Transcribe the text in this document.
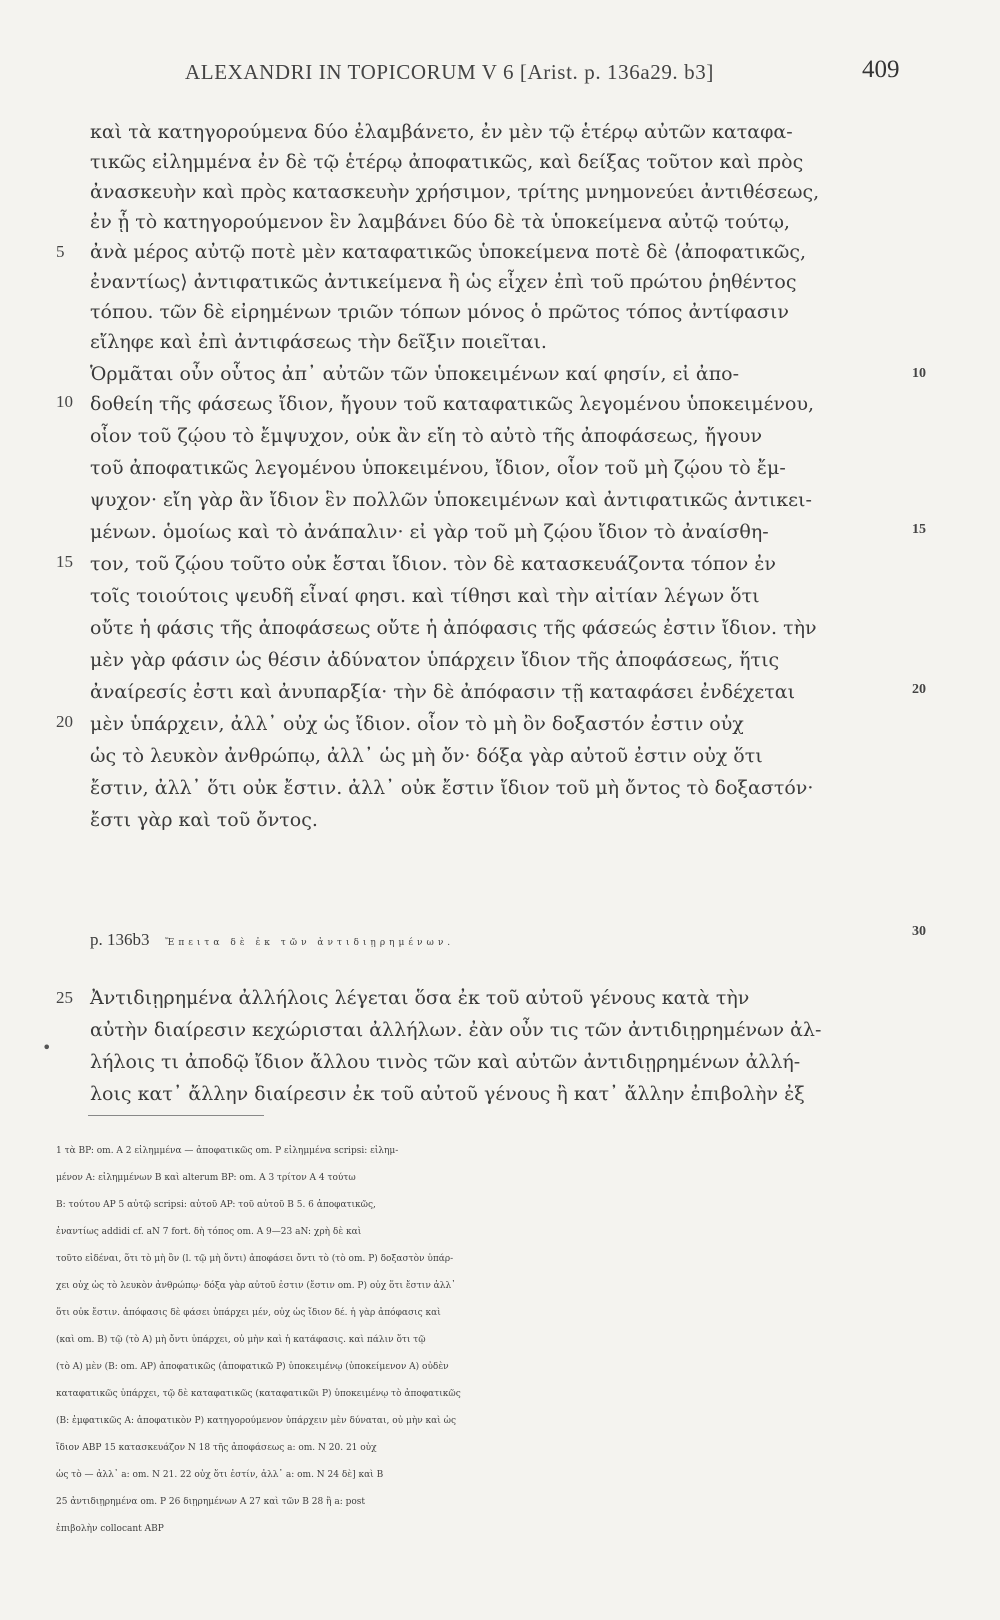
ALEXANDRI IN TOPICORUM V 6 [Arist. p. 136a29. b3]	409
καὶ τὰ κατηγορούμενα δύο ἐλαμβάνετο, ἐν μὲν τῷ ἑτέρῳ αὐτῶν καταφα-
τικῶς εἰλημμένα ἐν δὲ τῷ ἑτέρῳ ἀποφατικῶς, καὶ δείξας τοῦτον καὶ πρὸς
ἀνασκευὴν καὶ πρὸς κατασκευὴν χρήσιμον, τρίτης μνημονεύει ἀντιθέσεως,
ἐν ᾗ τὸ κατηγορούμενον ἓν λαμβάνει δύο δὲ τὰ ὑποκείμενα αὐτῷ τούτῳ,
5 ἀνὰ μέρος αὐτῷ ποτὲ μὲν καταφατικῶς ὑποκείμενα ποτὲ δὲ ⟨ἀποφατικῶς,
ἐναντίως⟩ ἀντιφατικῶς ἀντικείμενα ἢ ὡς εἶχεν ἐπὶ τοῦ πρώτου ῥηθέντος
τόπου. τῶν δὲ εἰρημένων τριῶν τόπων μόνος ὁ πρῶτος τόπος ἀντίφασιν
εἴληφε καὶ ἐπὶ ἀντιφάσεως τὴν δεῖξιν ποιεῖται.
Ὁρμᾶται οὖν οὗτος ἀπ᾽ αὐτῶν τῶν ὑποκειμένων καί φησίν, εἰ ἀπο-	10
10 δοθείη τῆς φάσεως ἴδιον, ἤγουν τοῦ καταφατικῶς λεγομένου ὑποκειμένου,
οἷον τοῦ ζῴου τὸ ἔμψυχον, οὐκ ἂν εἴη τὸ αὐτὸ τῆς ἀποφάσεως, ἤγουν
τοῦ ἀποφατικῶς λεγομένου ὑποκειμένου, ἴδιον, οἷον τοῦ μὴ ζῴου τὸ ἔμ-
ψυχον· εἴη γὰρ ἂν ἴδιον ἓν πολλῶν ὑποκειμένων καὶ ἀντιφατικῶς ἀντικει-
μένων. ὁμοίως καὶ τὸ ἀνάπαλιν· εἰ γὰρ τοῦ μὴ ζῴου ἴδιον τὸ ἀναίσθη-	15
15 τον, τοῦ ζῴου τοῦτο οὐκ ἔσται ἴδιον. τὸν δὲ κατασκευάζοντα τόπον ἐν
τοῖς τοιούτοις ψευδῆ εἶναί φησι. καὶ τίθησι καὶ τὴν αἰτίαν λέγων ὅτι
οὔτε ἡ φάσις τῆς ἀποφάσεως οὔτε ἡ ἀπόφασις τῆς φάσεώς ἐστιν ἴδιον. τὴν
μὲν γὰρ φάσιν ὡς θέσιν ἀδύνατον ὑπάρχειν ἴδιον τῆς ἀποφάσεως, ἥτις
ἀναίρεσίς ἐστι καὶ ἀνυπαρξία· τὴν δὲ ἀπόφασιν τῇ καταφάσει ἐνδέχεται	20
20 μὲν ὑπάρχειν, ἀλλ᾽ οὐχ ὡς ἴδιον. οἷον τὸ μὴ ὂν δοξαστόν ἐστιν οὐχ
ὡς τὸ λευκὸν ἀνθρώπῳ, ἀλλ᾽ ὡς μὴ ὄν· δόξα γὰρ αὐτοῦ ἐστιν οὐχ ὅτι
ἔστιν, ἀλλ᾽ ὅτι οὐκ ἔστιν. ἀλλ᾽ οὐκ ἔστιν ἴδιον τοῦ μὴ ὄντος τὸ δοξαστόν·
ἔστι γὰρ καὶ τοῦ ὄντος.
30
p. 136b3 Ἔπειτα δὲ ἐκ τῶν ἀντιδιῃρημένων.
25 Ἀντιδιῃρημένα ἀλλήλοις λέγεται ὅσα ἐκ τοῦ αὐτοῦ γένους κατὰ τὴν
αὐτὴν διαίρεσιν κεχώρισται ἀλλήλων. ἐὰν οὖν τις τῶν ἀντιδιῃρημένων ἀλ-
λήλοις τι ἀποδῷ ἴδιον ἄλλου τινὸς τῶν καὶ αὐτῶν ἀντιδιῃρημένων ἀλλή-
λοις κατ᾽ ἄλλην διαίρεσιν ἐκ τοῦ αὐτοῦ γένους ἢ κατ᾽ ἄλλην ἐπιβολὴν ἐξ
•
1 τὰ BP: om. A 2 εἰλημμένα — ἀποφατικῶς om. P εἰλημμένα scripsi: εἰλημ-
μένον A: εἰλημμένων B καὶ alterum BP: om. A 3 τρίτον A 4 τούτω
B: τούτου AP 5 αὐτῷ scripsi: αὐτοῦ AP: τοῦ αὐτοῦ B 5. 6 ἀποφατικῶς,
ἐναντίως addidi cf. aN 7 fort. δὴ τόπος om. A 9—23 aN: χρὴ δὲ καὶ
τοῦτο εἰδέναι, ὅτι τὸ μὴ ὂν (l. τῷ μὴ ὄντι) ἀποφάσει ὄντι τὸ (τὸ om. P) δοξαστὸν ὑπάρ-
χει οὐχ ὡς τὸ λευκὸν ἀνθρώπῳ· δόξα γὰρ αὐτοῦ ἐστιν (ἔστιν om. P) οὐχ ὅτι ἔστιν ἀλλ᾽
ὅτι οὐκ ἔστιν. ἀπόφασις δὲ φάσει ὑπάρχει μέν, οὐχ ὡς ἴδιον δέ. ἡ γὰρ ἀπόφασις καὶ
(καὶ om. B) τῷ (τὸ A) μὴ ὄντι ὑπάρχει, οὐ μὴν καὶ ἡ κατάφασις. καὶ πάλιν ὅτι τῷ
(τὸ A) μὲν (B: om. AP) ἀποφατικῶς (ἀποφατικῶ P) ὑποκειμένῳ (ὑποκείμενον A) οὐδὲν
καταφατικῶς ὑπάρχει, τῷ δὲ καταφατικῶς (καταφατικῶι P) ὑποκειμένῳ τὸ ἀποφατικῶς
(B: ἐμφατικῶς A: ἀποφατικὸν P) κατηγορούμενον ὑπάρχειν μὲν δύναται, οὐ μὴν καὶ ὡς
ἴδιον ABP 15 κατασκευάζον N 18 τῆς ἀποφάσεως a: om. N 20. 21 οὐχ
ὡς τὸ — ἀλλ᾽ a: om. N 21. 22 οὐχ ὅτι ἐστίν, ἀλλ᾽ a: om. N 24 δὲ] καὶ B
25 ἀντιδιῃρημένα om. P 26 διῃρημένων A 27 καὶ τῶν B 28 ἢ a: post
ἐπιβολὴν collocant ABP
